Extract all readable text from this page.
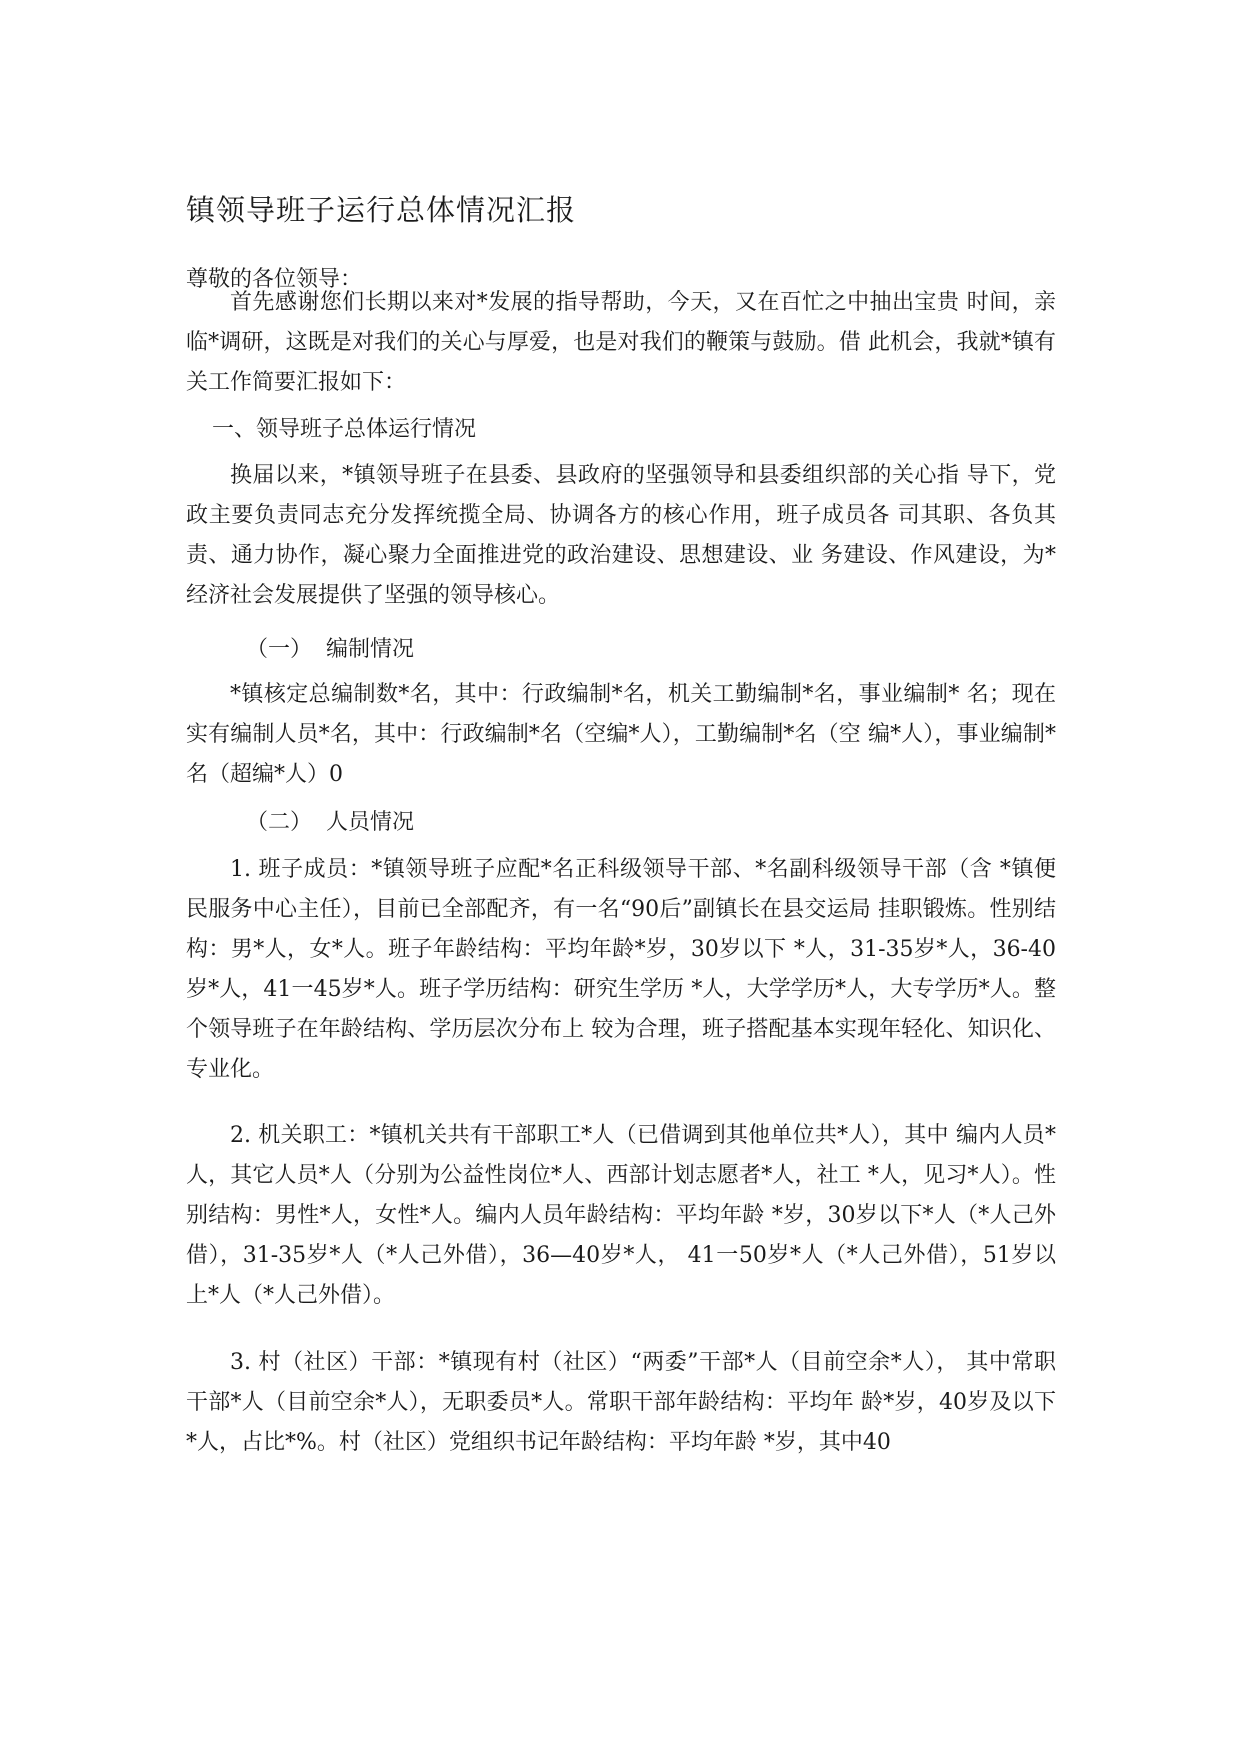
镇领导班子运行总体情况汇报
尊敬的各位领导：

首先感谢您们长期以来对*发展的指导帮助，今天，又在百忙之中抽出宝贵 时间，亲临*调研，这既是对我们的关心与厚爱，也是对我们的鞭策与鼓励。借 此机会，我就*镇有关工作简要汇报如下：

一、领导班子总体运行情况

换届以来，*镇领导班子在县委、县政府的坚强领导和县委组织部的关心指 导下，党政主要负责同志充分发挥统揽全局、协调各方的核心作用，班子成员各 司其职、各负其责、通力协作，凝心聚力全面推进党的政治建设、思想建设、业 务建设、作风建设，为*经济社会发展提供了坚强的领导核心。

（一） 编制情况

*镇核定总编制数*名，其中：行政编制*名，机关工勤编制*名，事业编制* 名；现在实有编制人员*名，其中：行政编制*名（空编*人），工勤编制*名（空 编*人），事业编制*名（超编*人）0

（二） 人员情况

1. 班子成员：*镇领导班子应配*名正科级领导干部、*名副科级领导干部（含 *镇便民服务中心主任），目前已全部配齐，有一名“90后”副镇长在县交运局 挂职锻炼。性别结构：男*人，女*人。班子年龄结构：平均年龄*岁，30岁以下 *人，31-35岁*人，36-40岁*人，41一45岁*人。班子学历结构：研究生学历 *人，大学学历*人，大专学历*人。整个领导班子在年龄结构、学历层次分布上 较为合理，班子搭配基本实现年轻化、知识化、专业化。

2. 机关职工：*镇机关共有干部职工*人（已借调到其他单位共*人），其中 编内人员*人，其它人员*人（分别为公益性岗位*人、西部计划志愿者*人，社工 *人，见习*人）。性别结构：男性*人，女性*人。编内人员年龄结构：平均年龄 *岁，30岁以下*人（*人己外借），31-35岁*人（*人己外借），36—40岁*人， 41一50岁*人（*人己外借），51岁以上*人（*人己外借）。

3. 村（社区）干部：*镇现有村（社区）“两委”干部*人（目前空余*人）， 其中常职干部*人（目前空余*人），无职委员*人。常职干部年龄结构：平均年 龄*岁，40岁及以下*人，占比*%。村（社区）党组织书记年龄结构：平均年龄 *岁，其中40
